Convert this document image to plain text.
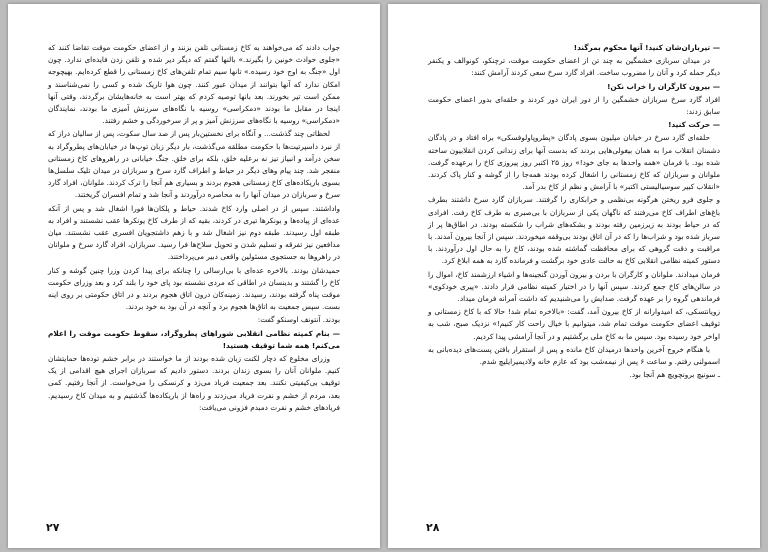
جواب دادند که می‌خواهند به کاخ زمستانی تلفن بزنند و از اعضای حکومت موقت تقاضا کنند که «جلوی حوادث خونین را بگیرند.» بالنها گفتم که دیگر دیر شده و تلفن زدن فایده‌ای ندارد. چون اول «جنگ به اوج خود رسیده.» تانها سیم تمام تلفن‌های کاخ زمستانی را قطع کرده‌ایم. بهیچوجه امکان ندارد که آنها بتوانند از میدان عبور کنند. چون هوا تاریک شده و کسی را نمی‌شناسند و ممکن است تیر بخورند. بعد بانها توصیه کردم که بهتر است به خانه‌هایشان برگردند، وقتی آنها اینجا در مقابل ما بودند «دمکراسی» روسیه با نگاه‌های سرزنش آمیزی ما بودند، نمایندگان «دمکراسی» روسیه با نگاه‌های سرزنش آمیز و پر از سرخوردگی و خشم رفتند.

لحظاتی چند گذشت... و آنگاه برای نخستین‌بار پس از صد سال سکوت، پس از سالیان دراز که از نبرد داسپرتیت‌ها با حکومت مطلقه می‌گذشت، بار دیگر زبان توپ‌ها در خیابان‌های پطروگراد به سخن درآمد و انبیاز نیز نه برعلیه خلق، بلکه برای خلق. جنگ خیابانی در راهروهای کاخ زمستانی منفجر شد. چند پیام وهای دیگر در حیاط و اطراف گارد سرخ و سربازان در میدان تلیک سلسل‌ها بسوی باریکاده‌های کاخ زمستانی هجوم بردند و بسیاری هم آنجا را ترک کردند. ملوانان، افراد گارد سرخ و سربازان در میدان آنها را به محاصره درآوردند و آنجا شد و تمام افسران گریختند.

واداشتند. سپس از در اصلی وارد کاخ شدند. حیاط و پلکان‌ها فورا اشغال شد و پس از آنکه عده‌ای از پیاده‌ها و بونکرها تیری در کردند، بقیه که از طرف کاخ یونکرها عقب نشستند و افراد به طبقه اول رسیدند. طبقه دوم نیز اشغال شد و با زهم داشتجویان افسری عقب نشستند. میان مدافعین نیز تفرقه و تسلیم شدن و تحویل سلاح‌ها فرا رسید. سربازان، افراد گارد سرخ و ملوانان در راهروها به جستجوی مسئولین واقعی دبیر می‌پرداختند.

حمیدشان بودند. بالاخره عده‌ای با بی‌ارسالی را چنانکه برای پیدا کردن وزرا چنین گوشه و کنار کاخ را گشتند و بدینسان در اطاقی که مردی نشسته بود پای خود را بلند کرد و بعد وزرای حکومت موقت پناه گرفته بودند، رسیدند. زمینه‌کان درون اتاق هجوم بردند و در اتاق حکومتی بر روی اینه بست. سپس جمعیت به اتاق‌ها هجوم برد و آنچه در آن بود به خود بردند.

بودند. آنتونف اوسنکو گفت:

— بنام کمیته نظامی انقلابی شوراهای پطروگراد، سقوط حکومت موقت را اعلام می‌کنم! همه شما توقیف هستید!

وزرای مخلوع که دچار لکنت زبان شده بودند از ما خواستند در برابر خشم توده‌ها حمایتشان کنیم. ملوانان آنان را بسوی زندان بردند. دستور دادیم که سربازان اجرای هیچ اقدامی از یک توقیف بی‌کیفیتی نکنند. بعد جمعیت فریاد می‌زد و کرنسکی را می‌خواست. از آنجا رفتیم. کمی بعد، مردم از خشم و نفرت فریاد می‌زدند و راه‌ها از باریکاده‌ها گذشتیم و به میدان کاخ رسیدیم. فریادهای خشم و نفرت دمبدم فزونی می‌یافت:

۲۷

— تیرباران‌شان کنید! آنها محکوم بمرگند!

در میدان سربازی خشمگین به چند تن از اعضای حکومت موقت، ترچنکو، کونوالف و یکنفر دیگر حمله کرد و آنان را مضروب ساخت. افراد گارد سرخ سعی کردند آرامش کنند:

— بیرون کارگران را خراب نکن!

افراد گارد سرخ سربازان خشمگین را از دور ایران دور کردند و حلقه‌ای بدور اعضای حکومت سابق زدند:

— حرکت کنید!

حلقه‌ای گارد سرخ در خیابان میلیون بسوی پادگان «پطروپاولوفسکی» براه افتاد و در پادگان دشمنان انقلاب مرا به همان بیغولی‌هایی بردند که بدست آنها برای زندانی کردن انقلابیون ساخته شده بود. با فرمان «همه واحدها به جای خود!» روز ۲۵ اکتبر روز پیروزی کاخ را برعهده گرفت. ملوانان و سربازان که کاخ زمستانی را اشغال کرده بودند همه‌جا را از گوشه و کنار پاک کردند. «انقلاب کبیر سوسیالیستی اکتبر» با آرامش و نظم از کاخ بدر آمد.

و جلوی فرو ریختن هرگونه بی‌نظمی و خرابکاری را گرفتند. سربازان گارد سرخ داشتند بطرف باغ‌های اطراف کاخ می‌رفتند که ناگهان یکی از سربازان با بی‌صبری به طرف کاخ رفت. افرادی که در حیاط بودند به زیرزمین رفته بودند و بشکه‌های شراب را شکسته بودند. در اطاق‌ها پر از سرباز شده بود و شراب‌ها را که در آن اتاق بودند بی‌وقفه میخوردند. سپس از آنجا بیرون آمدند. با مراقبت و دقت گروهی که برای محافظت گماشته شده بودند، کاخ را به حال اول درآوردند. با دستور کمیته نظامی انقلابی کاخ به حالت عادی خود برگشت و فرمانده گارد به همه ابلاغ کرد.

فرمان میدادند. ملوانان و کارگران با بردن و بیرون آوردن گنجینه‌ها و اشیاء ارزشمند کاخ، اموال را در سالن‌های کاخ جمع کردند. سپس آنها را در اختیار کمیته نظامی قرار دادند. «پیری خودکوی» فرماندهی گروه را بر عهده گرفت. صدایش را می‌شنیدیم که داشت آمرانه فرمان میداد.

زویانتسکی، که امیدوارانه از کاخ بیرون آمد، گفت: «بالاخره تمام شد! حالا که با کاخ زمستانی و توقیف اعضای حکومت موقت تمام شد، میتوانیم با خیال راحت کار کنیم!» نزدیک صبح، شب به اواخر خود رسیده بود. سپس ما به کاخ ملی برگشتیم و در آنجا آرامشی پیدا کردیم.

با هنگام خروج آخرین واحدها درمیدان کاخ مانده و پس از استقرار بافتن پست‌های دیده‌بانی به اسمولنی رفتم. و ساعت ۶ پس از نیمه‌شب بود که عازم خانه ولادیمیرایلیچ شدم.

ـ سونیچ برونچویچ هم آنجا بود.

۲۸
